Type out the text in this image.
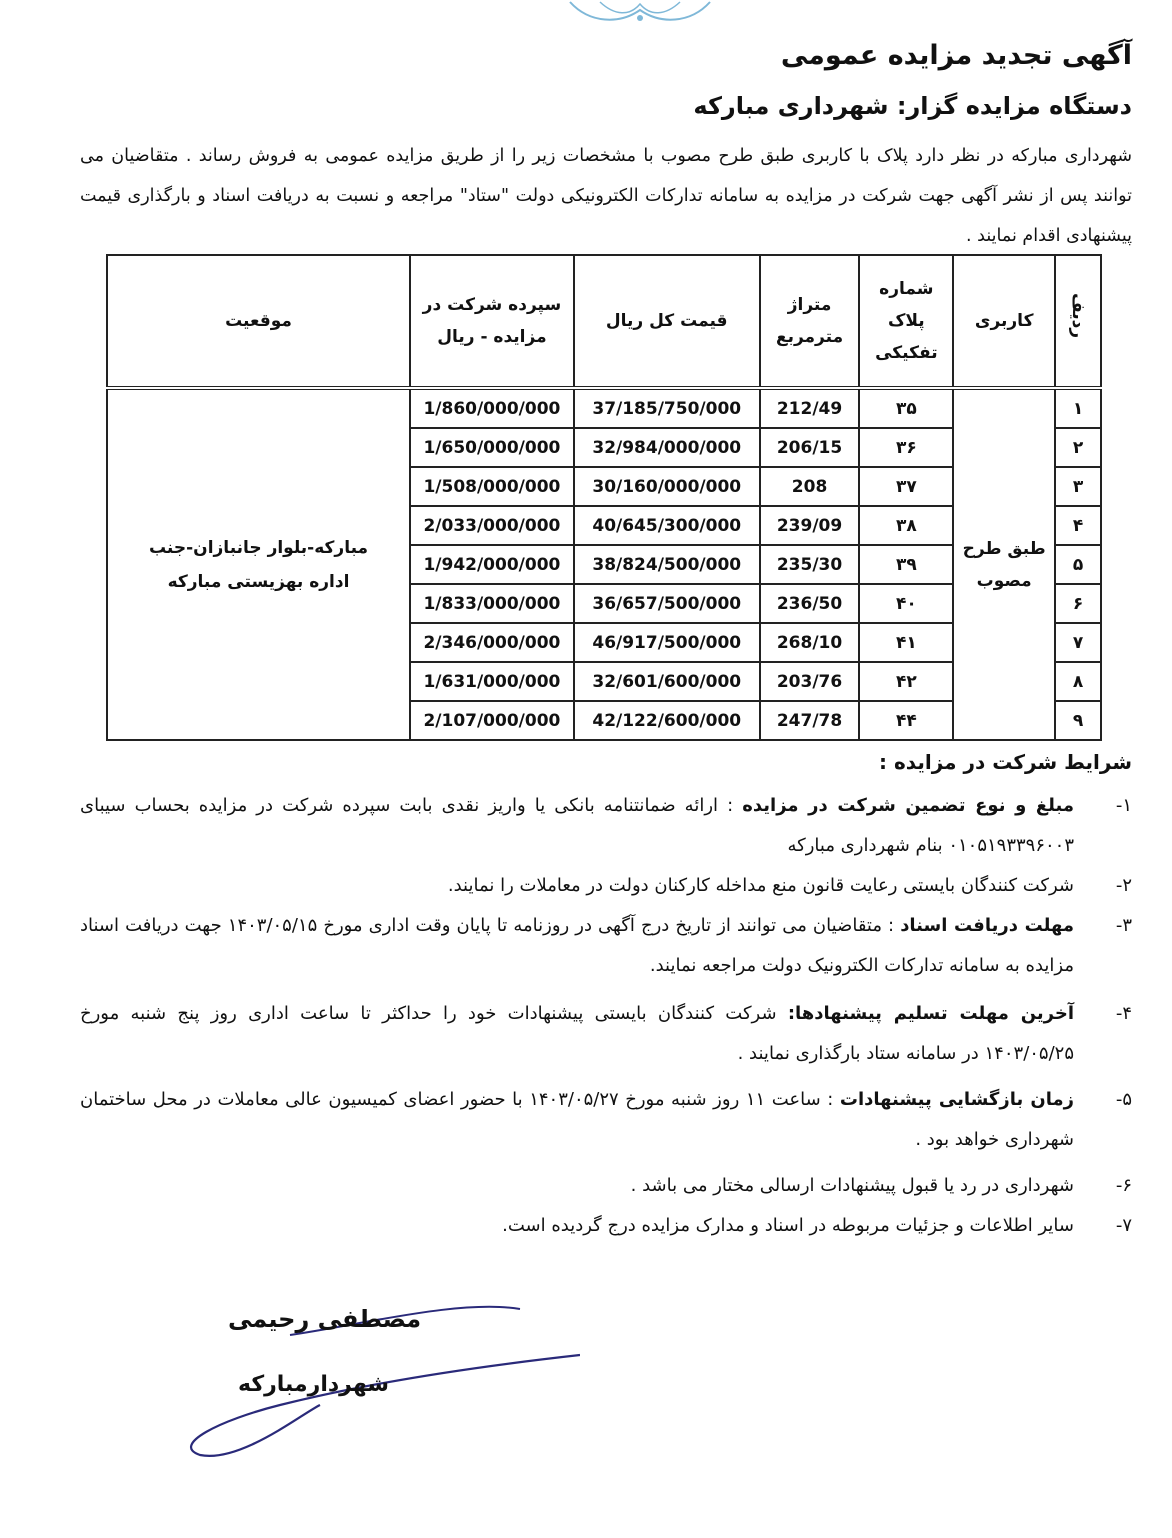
آگهی تجدید مزایده عمومی
دستگاه مزایده گزار: شهرداری مبارکه
شهرداری مبارکه در نظر دارد پلاک با کاربری طبق طرح مصوب با مشخصات زیر را از طریق مزایده عمومی به فروش رساند . متقاضیان می توانند پس از نشر آگهی جهت شرکت در مزایده به سامانه تدارکات الکترونیکی دولت "ستاد" مراجعه و نسبت به دریافت اسناد و بارگذاری قیمت پیشنهادی اقدام نمایند .
ردیف	کاربری	شماره پلاک تفکیکی	متراژ مترمربع	قیمت کل ریال	سپرده شرکت در مزایده - ریال	موقعیت
۱	طبق طرح مصوب	۳۵	212/49	37/185/750/000	1/860/000/000	مبارکه-بلوار جانبازان-جنب اداره بهزیستی مبارکه
۲		۳۶	206/15	32/984/000/000	1/650/000/000	
۳		۳۷	208	30/160/000/000	1/508/000/000	
۴		۳۸	239/09	40/645/300/000	2/033/000/000	
۵		۳۹	235/30	38/824/500/000	1/942/000/000	
۶		۴۰	236/50	36/657/500/000	1/833/000/000	
۷		۴۱	268/10	46/917/500/000	2/346/000/000	
۸		۴۲	203/76	32/601/600/000	1/631/000/000	
۹		۴۴	247/78	42/122/600/000	2/107/000/000	
شرایط شرکت در مزایده :
۱-
مبلغ و نوع تضمین شرکت در مزایده : ارائه ضمانتنامه بانکی یا واریز نقدی بابت سپرده شرکت در مزایده بحساب سیبای ۰۱۰۵۱۹۳۳۹۶۰۰۳ بنام شهرداری مبارکه
۲-
شرکت کنندگان بایستی رعایت قانون منع مداخله کارکنان دولت در معاملات را نمایند.
۳-
مهلت دریافت اسناد : متقاضیان می توانند از تاریخ درج آگهی در روزنامه تا پایان وقت اداری مورخ ۱۴۰۳/۰۵/۱۵ جهت دریافت اسناد مزایده به سامانه تدارکات الکترونیک دولت مراجعه نمایند.
۴-
آخرین مهلت تسلیم پیشنهادها: شرکت کنندگان بایستی پیشنهادات خود را حداکثر تا ساعت اداری روز پنج شنبه مورخ ۱۴۰۳/۰۵/۲۵ در سامانه ستاد بارگذاری نمایند .
۵-
زمان بازگشایی پیشنهادات : ساعت ۱۱ روز شنبه مورخ ۱۴۰۳/۰۵/۲۷ با حضور اعضای کمیسیون عالی معاملات در محل ساختمان شهرداری خواهد بود .
۶-
شهرداری در رد یا قبول پیشنهادات ارسالی مختار می باشد .
۷-
سایر اطلاعات و جزئیات مربوطه در اسناد و مدارک مزایده درج گردیده است.
مصطفی رحیمی
شهردارمبارکه
